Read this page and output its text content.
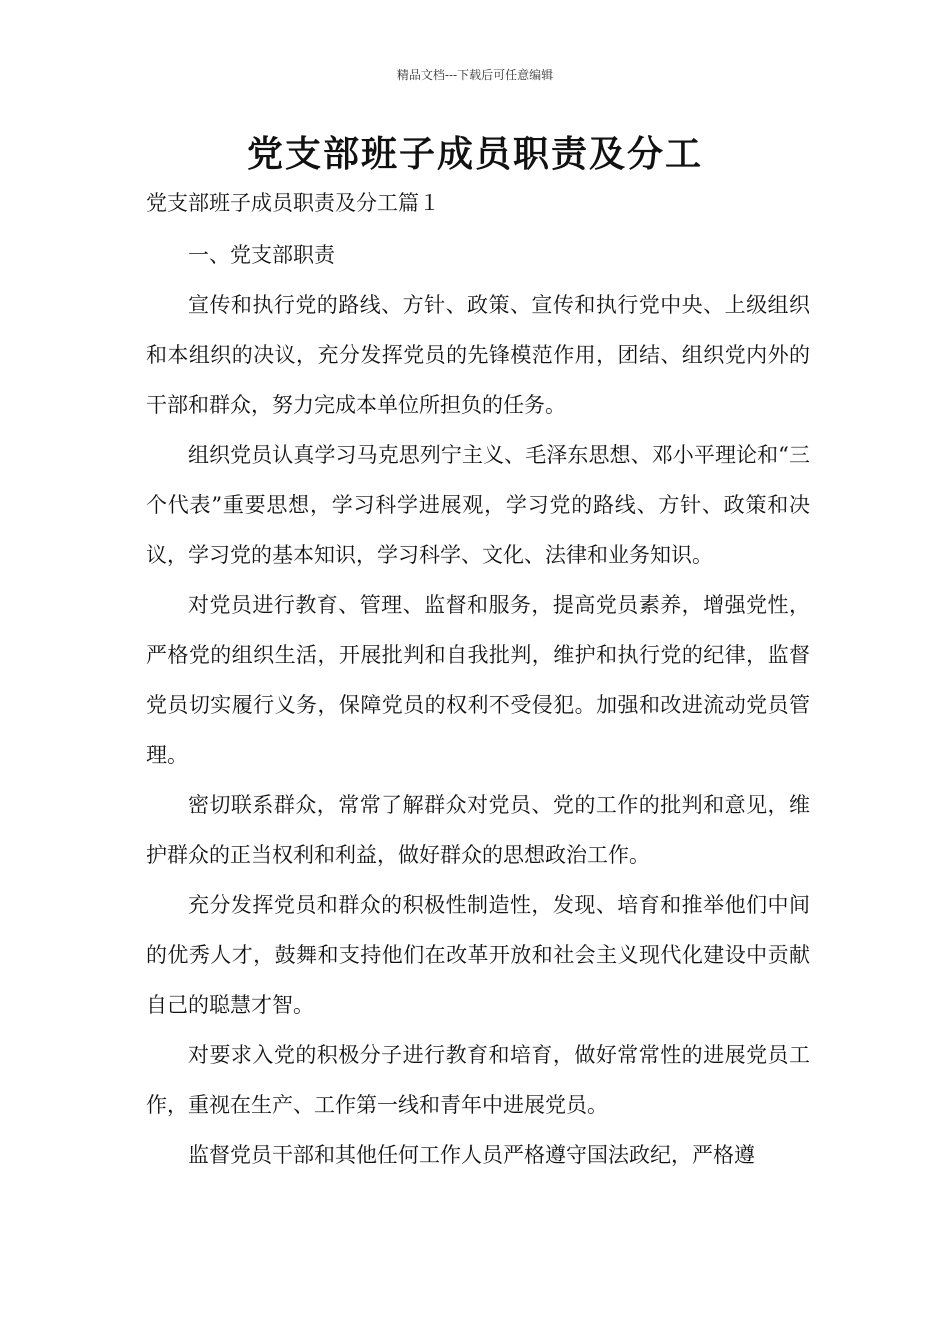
精品文档---下载后可任意编辑
党支部班子成员职责及分工
党支部班子成员职责及分工篇１

一、党支部职责

宣传和执行党的路线、方针、政策、宣传和执行党中央、上级组织和本组织的决议，充分发挥党员的先锋模范作用，团结、组织党内外的干部和群众，努力完成本单位所担负的任务。

组织党员认真学习马克思列宁主义、毛泽东思想、邓小平理论和“三个代表”重要思想，学习科学进展观，学习党的路线、方针、政策和决议，学习党的基本知识，学习科学、文化、法律和业务知识。

对党员进行教育、管理、监督和服务，提高党员素养，增强党性，严格党的组织生活，开展批判和自我批判，维护和执行党的纪律，监督党员切实履行义务，保障党员的权利不受侵犯。加强和改进流动党员管理。

密切联系群众，常常了解群众对党员、党的工作的批判和意见，维护群众的正当权利和利益，做好群众的思想政治工作。

充分发挥党员和群众的积极性制造性，发现、培育和推举他们中间的优秀人才，鼓舞和支持他们在改革开放和社会主义现代化建设中贡献自己的聪慧才智。

对要求入党的积极分子进行教育和培育，做好常常性的进展党员工作，重视在生产、工作第一线和青年中进展党员。

监督党员干部和其他任何工作人员严格遵守国法政纪，严格遵
